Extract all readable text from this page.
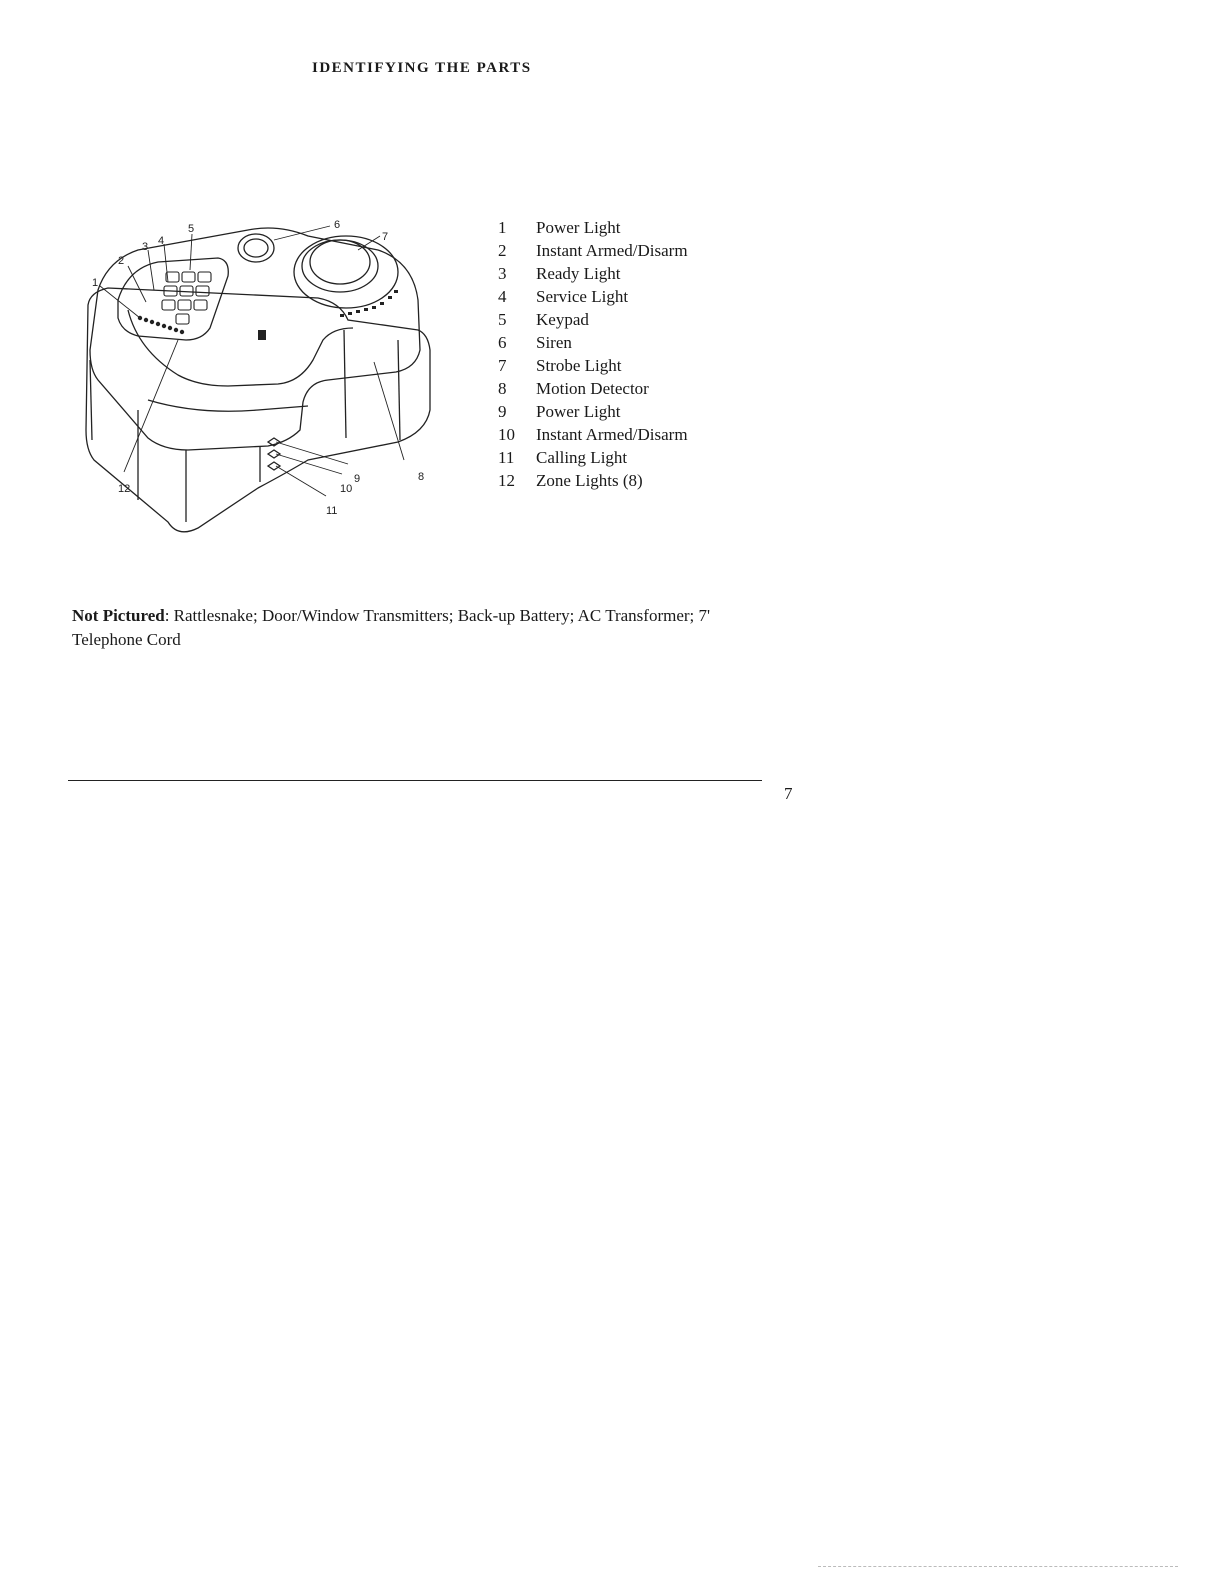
IDENTIFYING THE PARTS
1
2
3 4
5	6
7
8
9
10
11
12
1	Power Light
2	Instant Armed/Disarm
3	Ready Light
4	Service Light
5	Keypad
6	Siren
7	Strobe Light
8	Motion Detector
9	Power Light
10	Instant Armed/Disarm
11	Calling Light
12	Zone Lights (8)
Not Pictured: Rattlesnake; Door/Window Transmitters; Back-up Battery; AC Transformer; 7' Telephone Cord
7
